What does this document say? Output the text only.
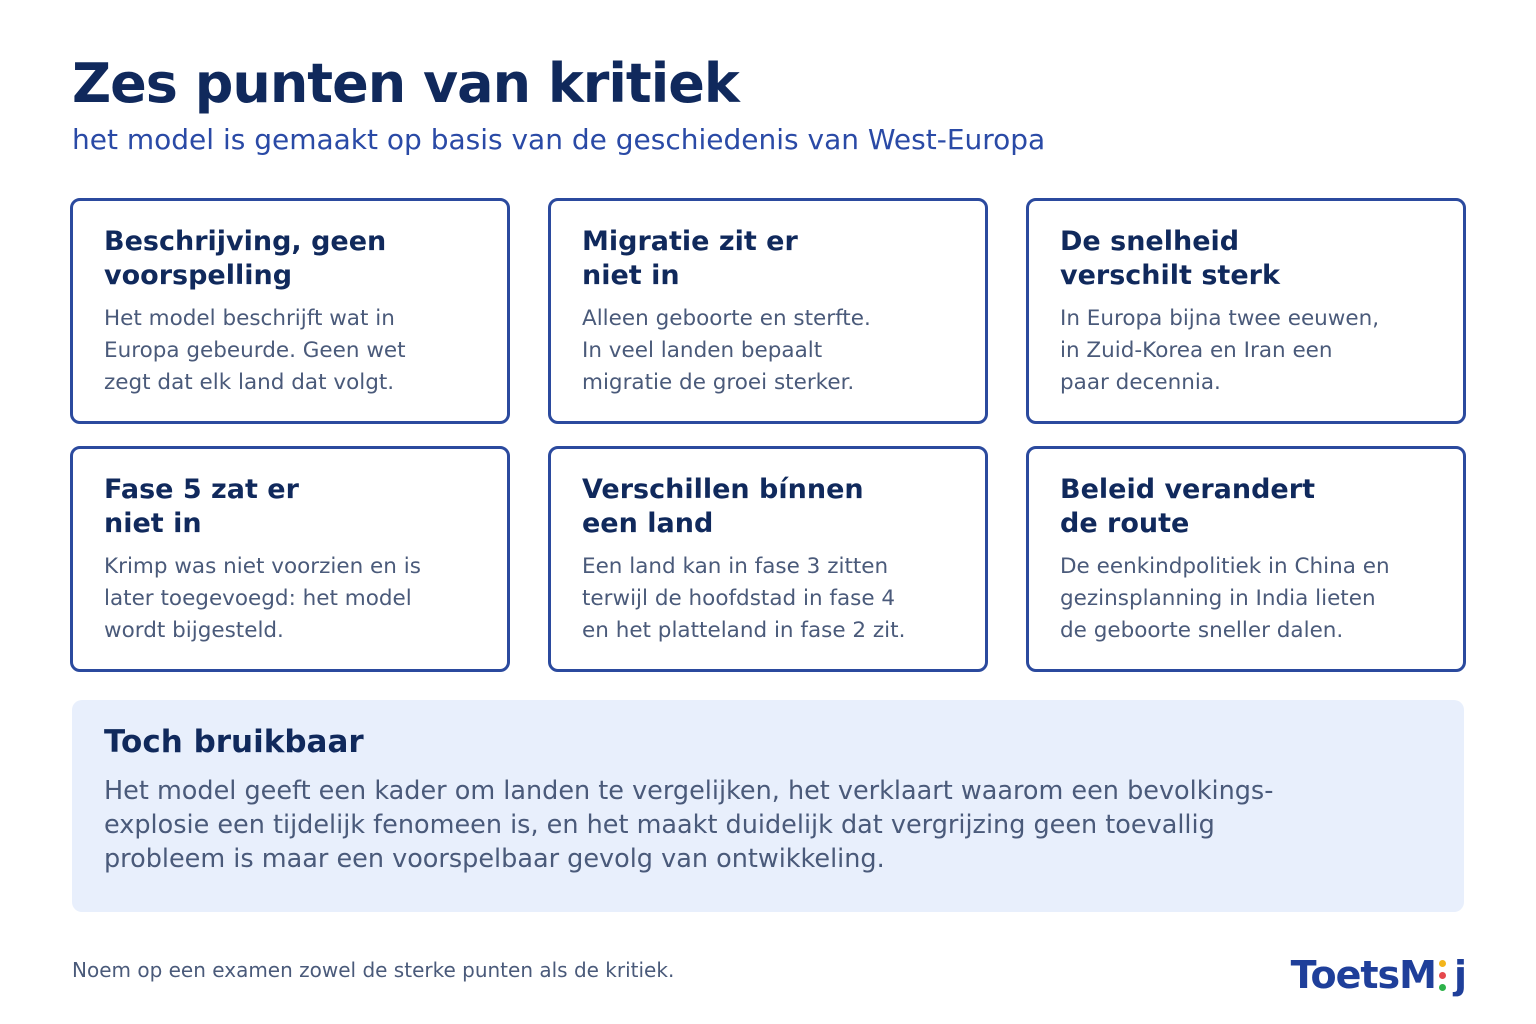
Zes punten van kritiek

het model is gemaakt op basis van de geschiedenis van West-Europa

Beschrijving, geen
voorspelling

Het model beschrijft wat in
Europa gebeurde. Geen wet
zegt dat elk land dat volgt.

Migratie zit er
niet in

Alleen geboorte en sterfte.
In veel landen bepaalt
migratie de groei sterker.

De snelheid
verschilt sterk

In Europa bijna twee eeuwen,
in Zuid-Korea en Iran een
paar decennia.

Fase 5 zat er
niet in

Krimp was niet voorzien en is
later toegevoegd: het model
wordt bijgesteld.

Verschillen bínnen
een land

Een land kan in fase 3 zitten
terwijl de hoofdstad in fase 4
en het platteland in fase 2 zit.

Beleid verandert
de route

De eenkindpolitiek in China en
gezinsplanning in India lieten
de geboorte sneller dalen.

Toch bruikbaar

Het model geeft een kader om landen te vergelijken, het verklaart waarom een bevolkings-
explosie een tijdelijk fenomeen is, en het maakt duidelijk dat vergrijzing geen toevallig
probleem is maar een voorspelbaar gevolg van ontwikkeling.

Noem op een examen zowel de sterke punten als de kritiek.	ToetsM j
